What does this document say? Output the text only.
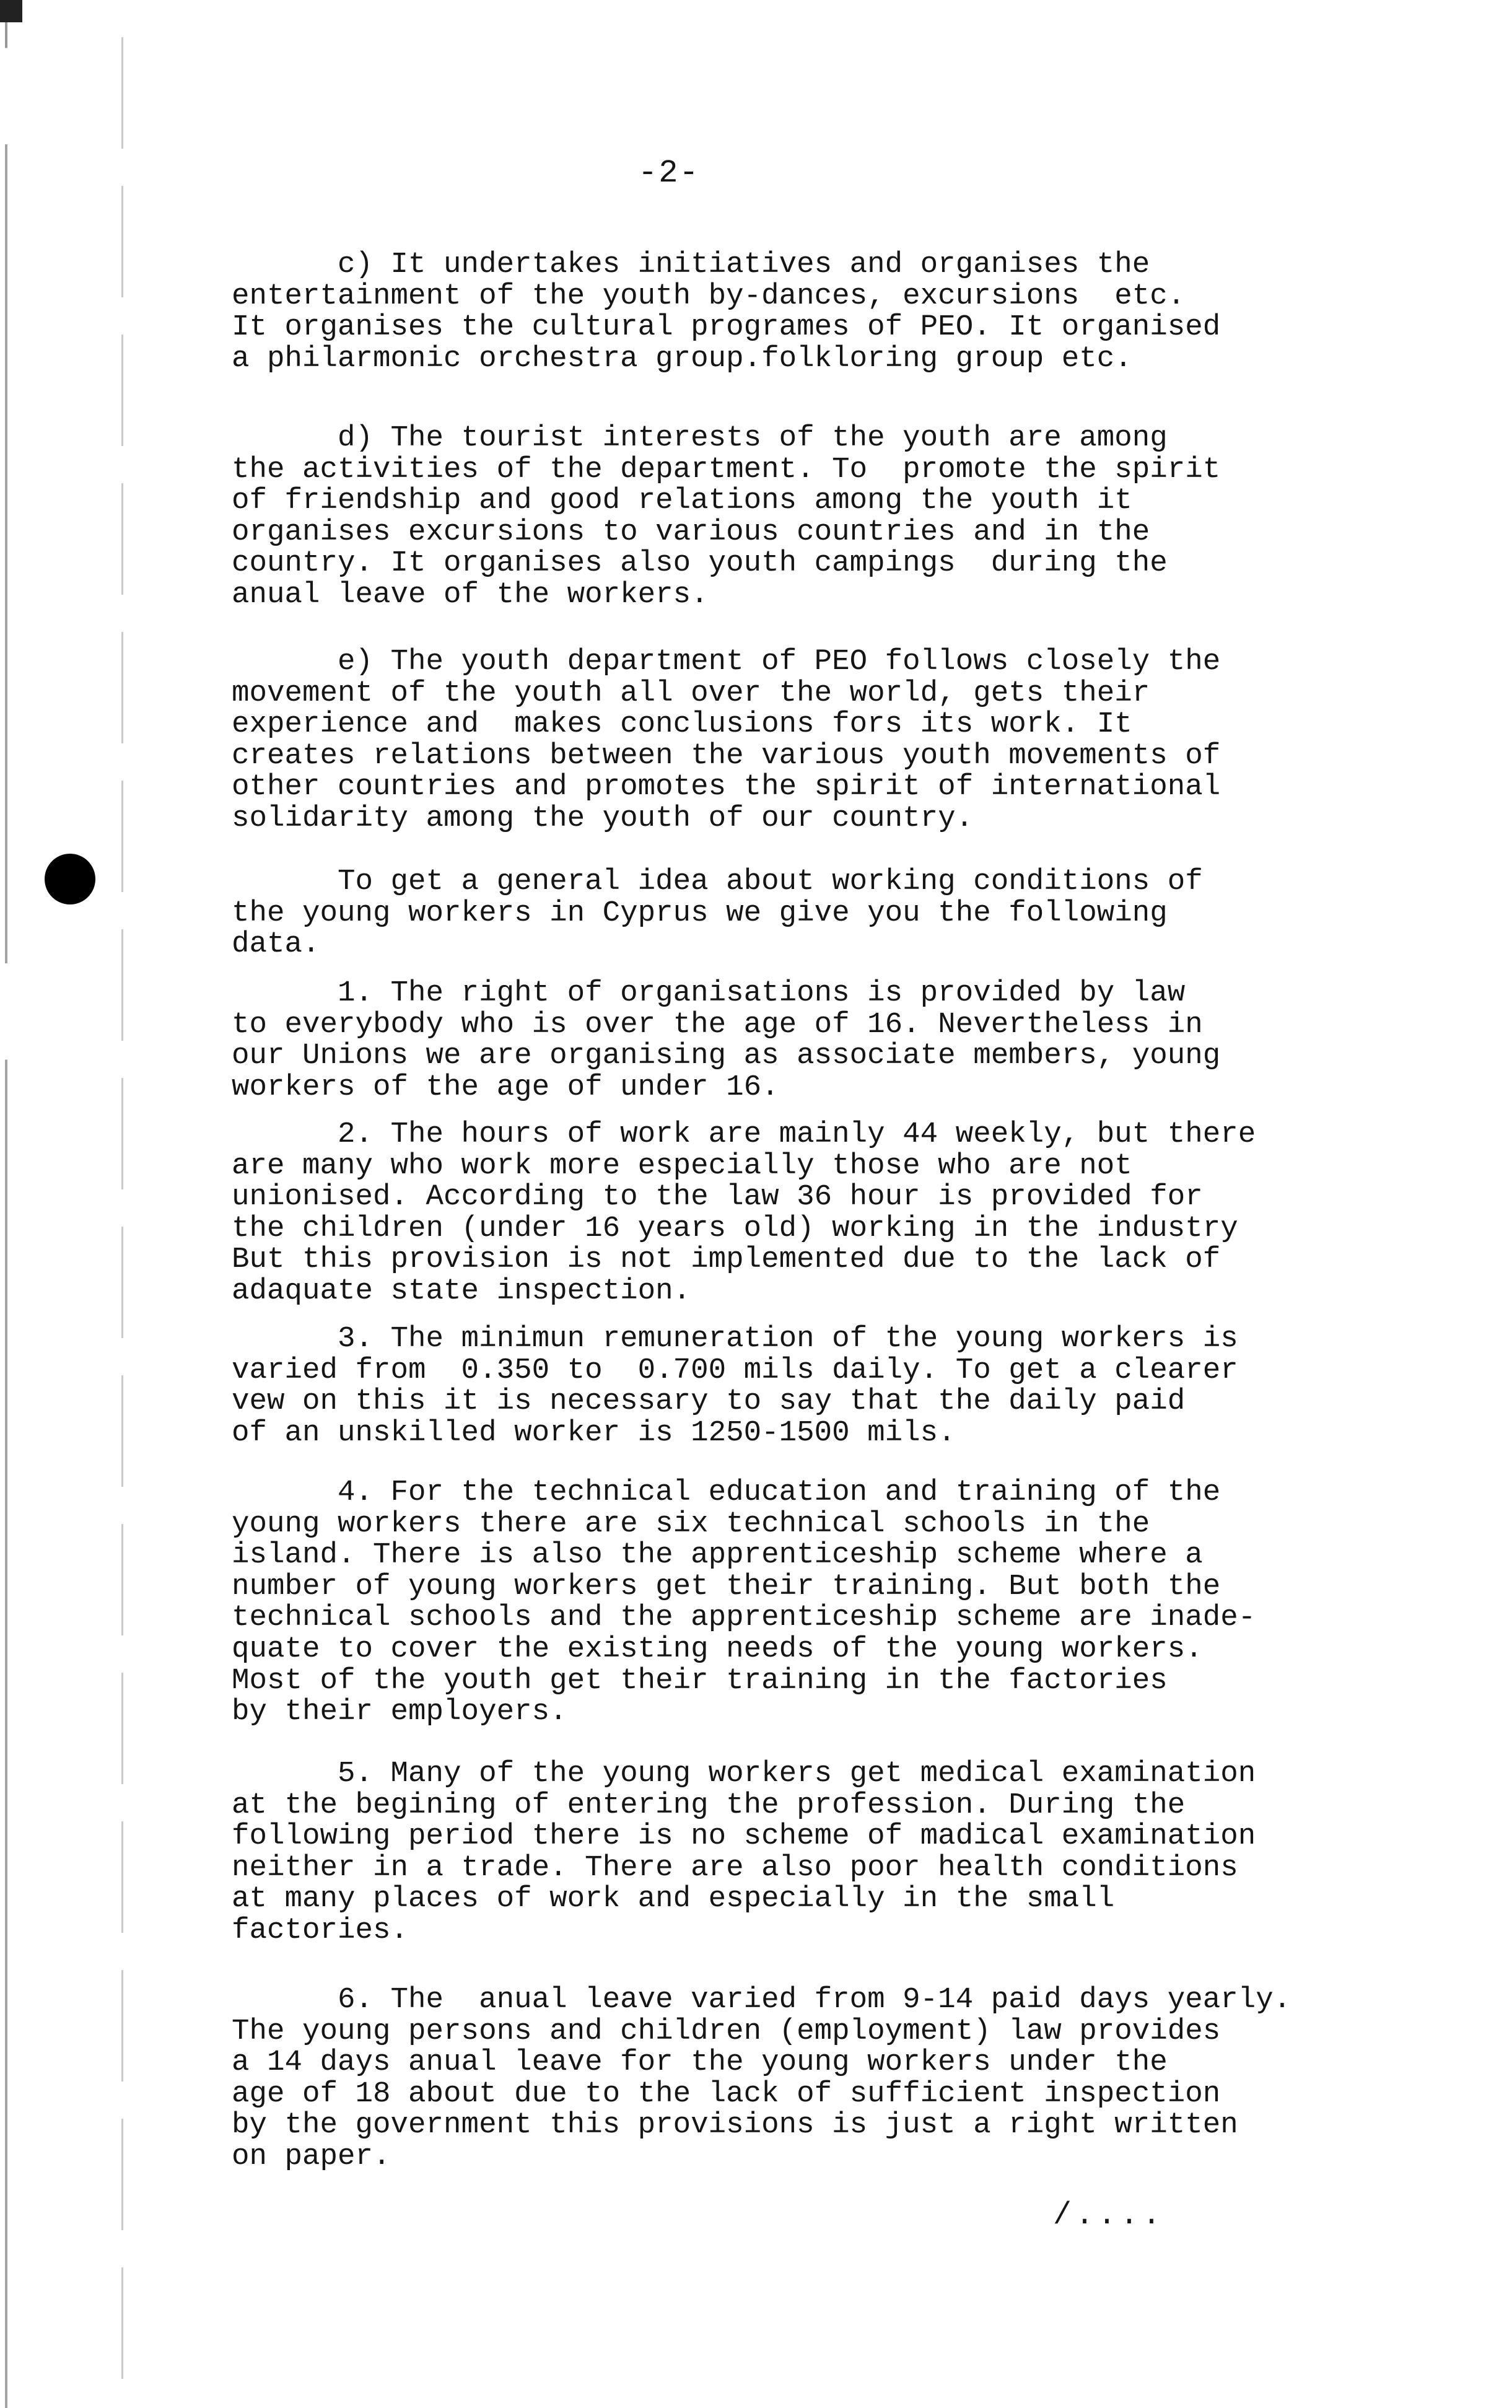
-2-

c) It undertakes initiatives and organises the
entertainment of the youth by-dances, excursions  etc.
It organises the cultural programes of PEO. It organised
a philarmonic orchestra group.folkloring group etc.

d) The tourist interests of the youth are among
the activities of the department. To  promote the spirit
of friendship and good relations among the youth it
organises excursions to various countries and in the
country. It organises also youth campings  during the
anual leave of the workers.

e) The youth department of PEO follows closely the
movement of the youth all over the world, gets their
experience and  makes conclusions fors its work. It
creates relations between the various youth movements of
other countries and promotes the spirit of international
solidarity among the youth of our country.

To get a general idea about working conditions of
the young workers in Cyprus we give you the following
data.

1. The right of organisations is provided by law
to everybody who is over the age of 16. Nevertheless in
our Unions we are organising as associate members, young
workers of the age of under 16.

2. The hours of work are mainly 44 weekly, but there
are many who work more especially those who are not
unionised. According to the law 36 hour is provided for
the children (under 16 years old) working in the industry
But this provision is not implemented due to the lack of
adaquate state inspection.

3. The minimun remuneration of the young workers is
varied from  0.350 to  0.700 mils daily. To get a clearer
vew on this it is necessary to say that the daily paid
of an unskilled worker is 1250-1500 mils.

4. For the technical education and training of the
young workers there are six technical schools in the
island. There is also the apprenticeship scheme where a
number of young workers get their training. But both the
technical schools and the apprenticeship scheme are inade-
quate to cover the existing needs of the young workers.
Most of the youth get their training in the factories
by their employers.

5. Many of the young workers get medical examination
at the begining of entering the profession. During the
following period there is no scheme of madical examination
neither in a trade. There are also poor health conditions
at many places of work and especially in the small
factories.

6. The  anual leave varied from 9-14 paid days yearly.
The young persons and children (employment) law provides
a 14 days anual leave for the young workers under the
age of 18 about due to the lack of sufficient inspection
by the government this provisions is just a right written
on paper.

/....
